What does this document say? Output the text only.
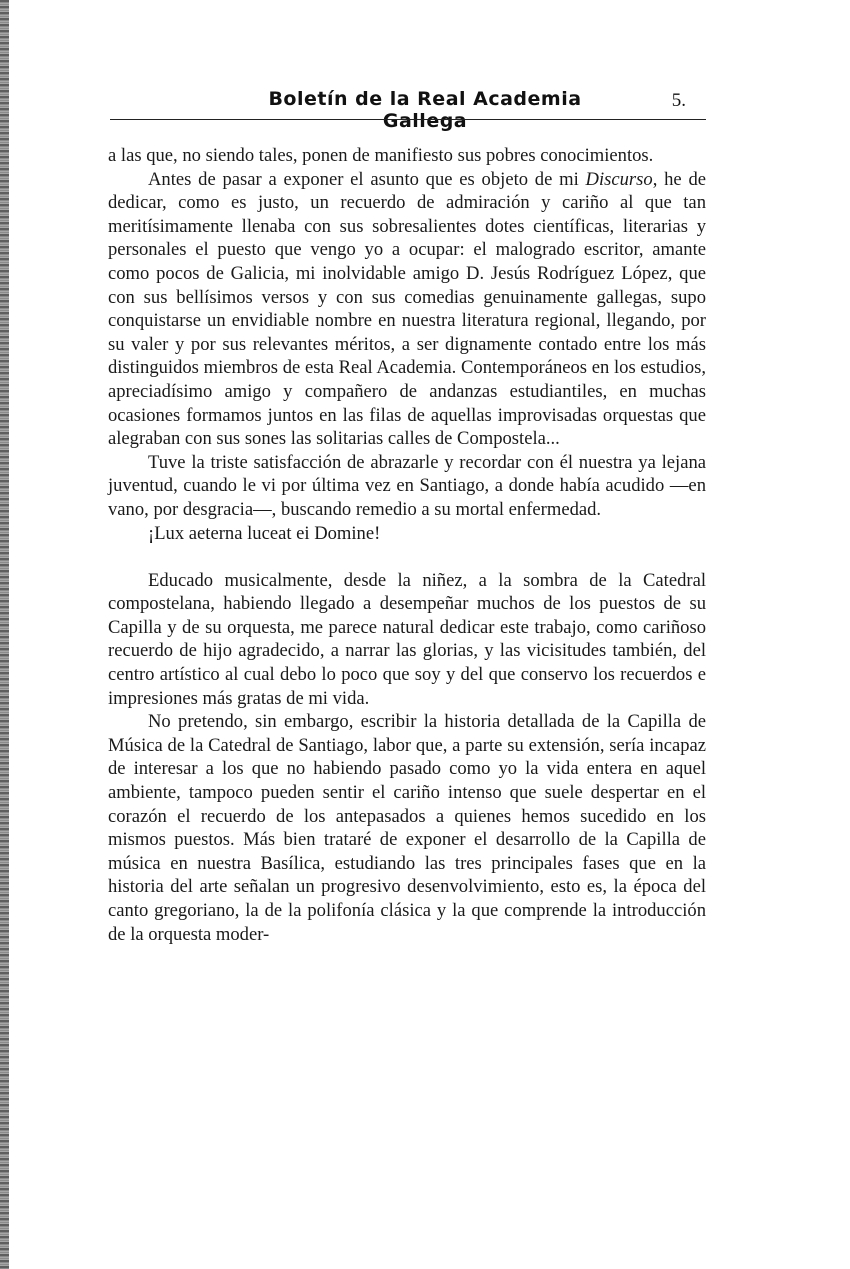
Boletín de la Real Academia Gallega
5.

a las que, no siendo tales, ponen de manifiesto sus pobres conocimientos.

Antes de pasar a exponer el asunto que es objeto de mi Discurso, he de dedicar, como es justo, un recuerdo de admiración y cariño al que tan meritísimamente llenaba con sus sobresalientes dotes científicas, literarias y personales el puesto que vengo yo a ocupar: el malogrado escritor, amante como pocos de Galicia, mi inolvidable amigo D. Jesús Rodríguez López, que con sus bellísimos versos y con sus comedias genuinamente gallegas, supo conquistarse un envidiable nombre en nuestra literatura regional, llegando, por su valer y por sus relevantes méritos, a ser dignamente contado entre los más distinguidos miembros de esta Real Academia. Contemporáneos en los estudios, apreciadísimo amigo y compañero de andanzas estudiantiles, en muchas ocasiones formamos juntos en las filas de aquellas improvisadas orquestas que alegraban con sus sones las solitarias calles de Compostela...

Tuve la triste satisfacción de abrazarle y recordar con él nuestra ya lejana juventud, cuando le vi por última vez en Santiago, a donde había acudido —en vano, por desgracia—, buscando remedio a su mortal enfermedad.

¡Lux aeterna luceat ei Domine!

Educado musicalmente, desde la niñez, a la sombra de la Catedral compostelana, habiendo llegado a desempeñar muchos de los puestos de su Capilla y de su orquesta, me parece natural dedicar este trabajo, como cariñoso recuerdo de hijo agradecido, a narrar las glorias, y las vicisitudes también, del centro artístico al cual debo lo poco que soy y del que conservo los recuerdos e impresiones más gratas de mi vida.

No pretendo, sin embargo, escribir la historia detallada de la Capilla de Música de la Catedral de Santiago, labor que, a parte su extensión, sería incapaz de interesar a los que no habiendo pasado como yo la vida entera en aquel ambiente, tampoco pueden sentir el cariño intenso que suele despertar en el corazón el recuerdo de los antepasados a quienes hemos sucedido en los mismos puestos. Más bien trataré de exponer el desarrollo de la Capilla de música en nuestra Basílica, estudiando las tres principales fases que en la historia del arte señalan un progresivo desenvolvimiento, esto es, la época del canto gregoriano, la de la polifonía clásica y la que comprende la introducción de la orquesta moder-
